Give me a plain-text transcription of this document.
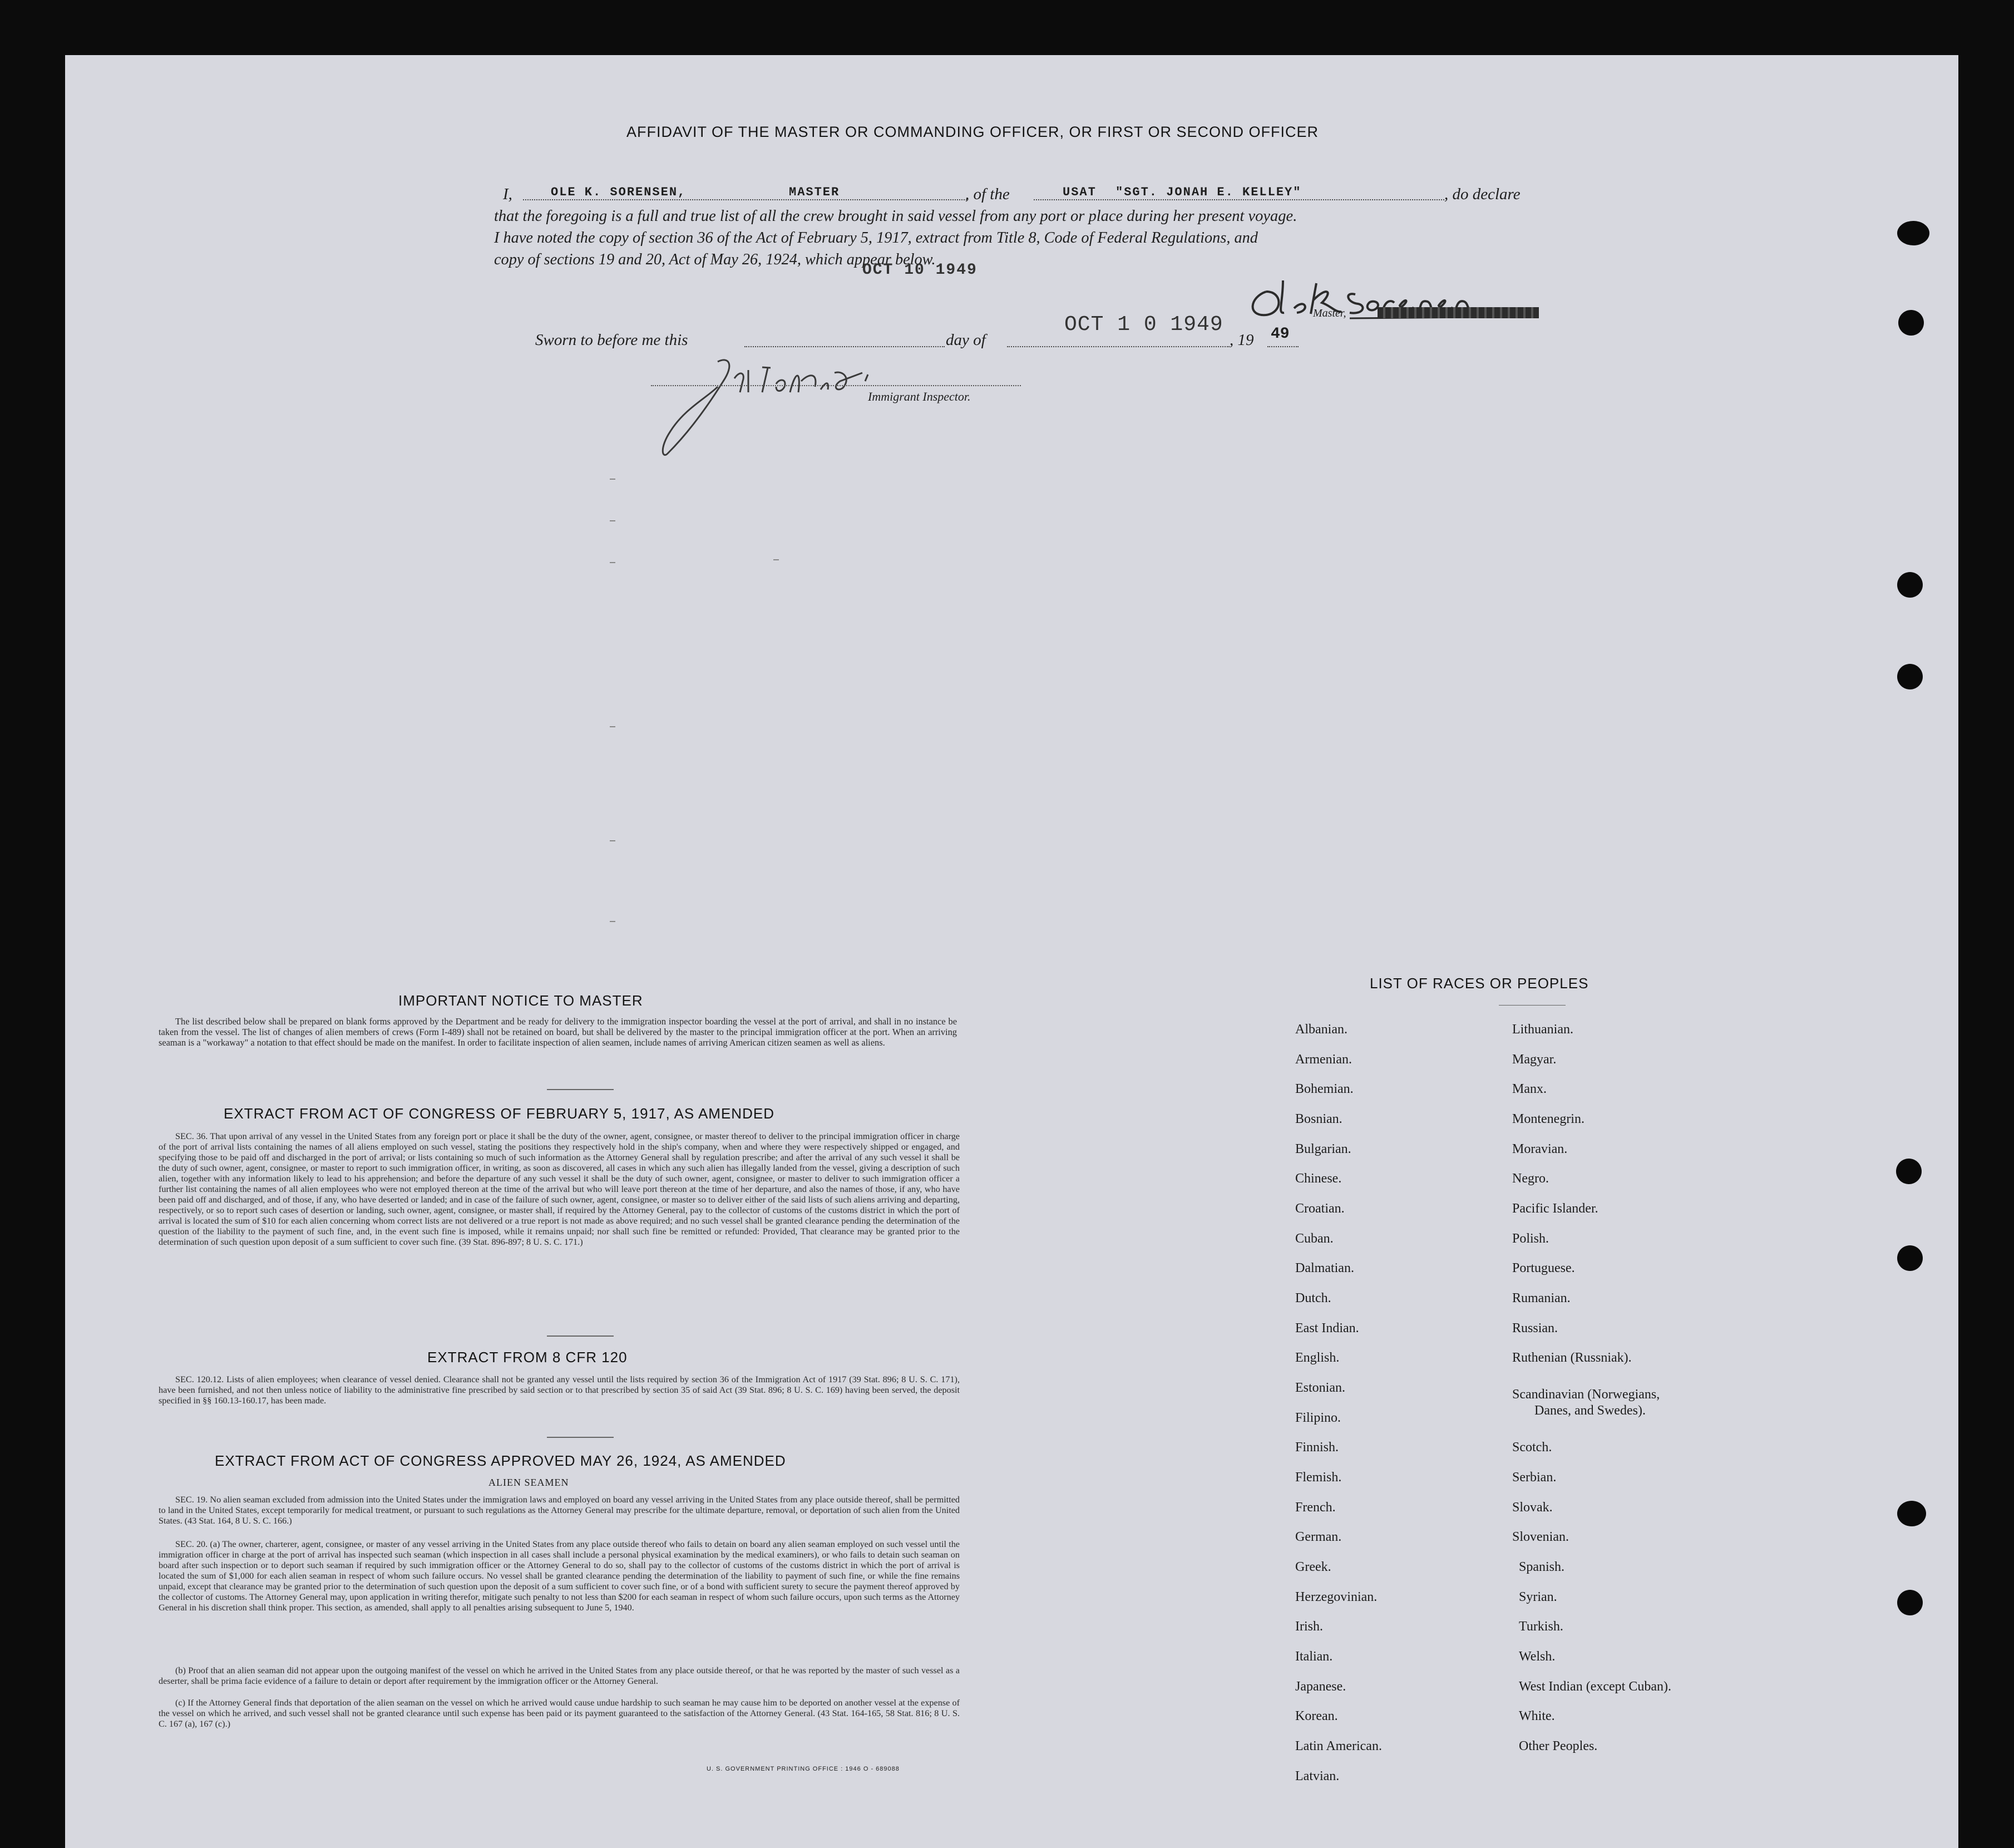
AFFIDAVIT OF THE MASTER OR COMMANDING OFFICER, OR FIRST OR SECOND OFFICER
I,	OLE K. SORENSEN,	MASTER	, of the	USAT "SGT. JONAH E. KELLEY"	, do declare
that the foregoing is a full and true list of all the crew brought in said vessel from any port or place during her present voyage.
I have noted the copy of section 36 of the Act of February 5, 1917, extract from Title 8, Code of Federal Regulations, and
copy of sections 19 and 20, Act of May 26, 1924, which appear below.
OCT 10 1949
Master,
Sworn to before me this	day of
OCT 1 0 1949
, 19 49
Immigrant Inspector.
IMPORTANT NOTICE TO MASTER
The list described below shall be prepared on blank forms approved by the Department and be ready for delivery to the immigration inspector boarding the vessel at the port of arrival, and shall in no instance be taken from the vessel. The list of changes of alien members of crews (Form I-489) shall not be retained on board, but shall be delivered by the master to the principal immigration officer at the port. When an arriving seaman is a "workaway" a notation to that effect should be made on the manifest. In order to facilitate inspection of alien seamen, include names of arriving American citizen seamen as well as aliens.
EXTRACT FROM ACT OF CONGRESS OF FEBRUARY 5, 1917, AS AMENDED
SEC. 36. That upon arrival of any vessel in the United States from any foreign port or place it shall be the duty of the owner, agent, consignee, or master thereof to deliver to the principal immigration officer in charge of the port of arrival lists containing the names of all aliens employed on such vessel, stating the positions they respectively hold in the ship's company, when and where they were respectively shipped or engaged, and specifying those to be paid off and discharged in the port of arrival; or lists containing so much of such information as the Attorney General shall by regulation prescribe; and after the arrival of any such vessel it shall be the duty of such owner, agent, consignee, or master to report to such immigration officer, in writing, as soon as discovered, all cases in which any such alien has illegally landed from the vessel, giving a description of such alien, together with any information likely to lead to his apprehension; and before the departure of any such vessel it shall be the duty of such owner, agent, consignee, or master to deliver to such immigration officer a further list containing the names of all alien employees who were not employed thereon at the time of the arrival but who will leave port thereon at the time of her departure, and also the names of those, if any, who have been paid off and discharged, and of those, if any, who have deserted or landed; and in case of the failure of such owner, agent, consignee, or master so to deliver either of the said lists of such aliens arriving and departing, respectively, or so to report such cases of desertion or landing, such owner, agent, consignee, or master shall, if required by the Attorney General, pay to the collector of customs of the customs district in which the port of arrival is located the sum of $10 for each alien concerning whom correct lists are not delivered or a true report is not made as above required; and no such vessel shall be granted clearance pending the determination of the question of the liability to the payment of such fine, and, in the event such fine is imposed, while it remains unpaid; nor shall such fine be remitted or refunded: Provided, That clearance may be granted prior to the determination of such question upon deposit of a sum sufficient to cover such fine. (39 Stat. 896-897; 8 U. S. C. 171.)
EXTRACT FROM 8 CFR 120
SEC. 120.12. Lists of alien employees; when clearance of vessel denied. Clearance shall not be granted any vessel until the lists required by section 36 of the Immigration Act of 1917 (39 Stat. 896; 8 U. S. C. 171), have been furnished, and not then unless notice of liability to the administrative fine prescribed by said section or to that prescribed by section 35 of said Act (39 Stat. 896; 8 U. S. C. 169) having been served, the deposit specified in §§ 160.13-160.17, has been made.
EXTRACT FROM ACT OF CONGRESS APPROVED MAY 26, 1924, AS AMENDED
ALIEN SEAMEN
SEC. 19. No alien seaman excluded from admission into the United States under the immigration laws and employed on board any vessel arriving in the United States from any place outside thereof, shall be permitted to land in the United States, except temporarily for medical treatment, or pursuant to such regulations as the Attorney General may prescribe for the ultimate departure, removal, or deportation of such alien from the United States. (43 Stat. 164, 8 U. S. C. 166.)
SEC. 20. (a) The owner, charterer, agent, consignee, or master of any vessel arriving in the United States from any place outside thereof who fails to detain on board any alien seaman employed on such vessel until the immigration officer in charge at the port of arrival has inspected such seaman (which inspection in all cases shall include a personal physical examination by the medical examiners), or who fails to detain such seaman on board after such inspection or to deport such seaman if required by such immigration officer or the Attorney General to do so, shall pay to the collector of customs of the customs district in which the port of arrival is located the sum of $1,000 for each alien seaman in respect of whom such failure occurs. No vessel shall be granted clearance pending the determination of the liability to payment of such fine, or while the fine remains unpaid, except that clearance may be granted prior to the determination of such question upon the deposit of a sum sufficient to cover such fine, or of a bond with sufficient surety to secure the payment thereof approved by the collector of customs. The Attorney General may, upon application in writing therefor, mitigate such penalty to not less than $200 for each seaman in respect of whom such failure occurs, upon such terms as the Attorney General in his discretion shall think proper. This section, as amended, shall apply to all penalties arising subsequent to June 5, 1940.
(b) Proof that an alien seaman did not appear upon the outgoing manifest of the vessel on which he arrived in the United States from any place outside thereof, or that he was reported by the master of such vessel as a deserter, shall be prima facie evidence of a failure to detain or deport after requirement by the immigration officer or the Attorney General.
(c) If the Attorney General finds that deportation of the alien seaman on the vessel on which he arrived would cause undue hardship to such seaman he may cause him to be deported on another vessel at the expense of the vessel on which he arrived, and such vessel shall not be granted clearance until such expense has been paid or its payment guaranteed to the satisfaction of the Attorney General. (43 Stat. 164-165, 58 Stat. 816; 8 U. S. C. 167 (a), 167 (c).)
U. S. GOVERNMENT PRINTING OFFICE : 1946 O - 689088
LIST OF RACES OR PEOPLES
Albanian.
Armenian.
Bohemian.
Bosnian.
Bulgarian.
Chinese.
Croatian.
Cuban.
Dalmatian.
Dutch.
East Indian.
English.
Estonian.
Filipino.
Finnish.
Flemish.
French.
German.
Greek.
Herzegovinian.
Irish.
Italian.
Japanese.
Korean.
Latin American.
Latvian.
Lithuanian.
Magyar.
Manx.
Montenegrin.
Moravian.
Negro.
Pacific Islander.
Polish.
Portuguese.
Rumanian.
Russian.
Ruthenian (Russniak).
Scandinavian (Norwegians,
Danes, and Swedes).
Scotch.
Serbian.
Slovak.
Slovenian.
Spanish.
Syrian.
Turkish.
Welsh.
West Indian (except Cuban).
White.
Other Peoples.
